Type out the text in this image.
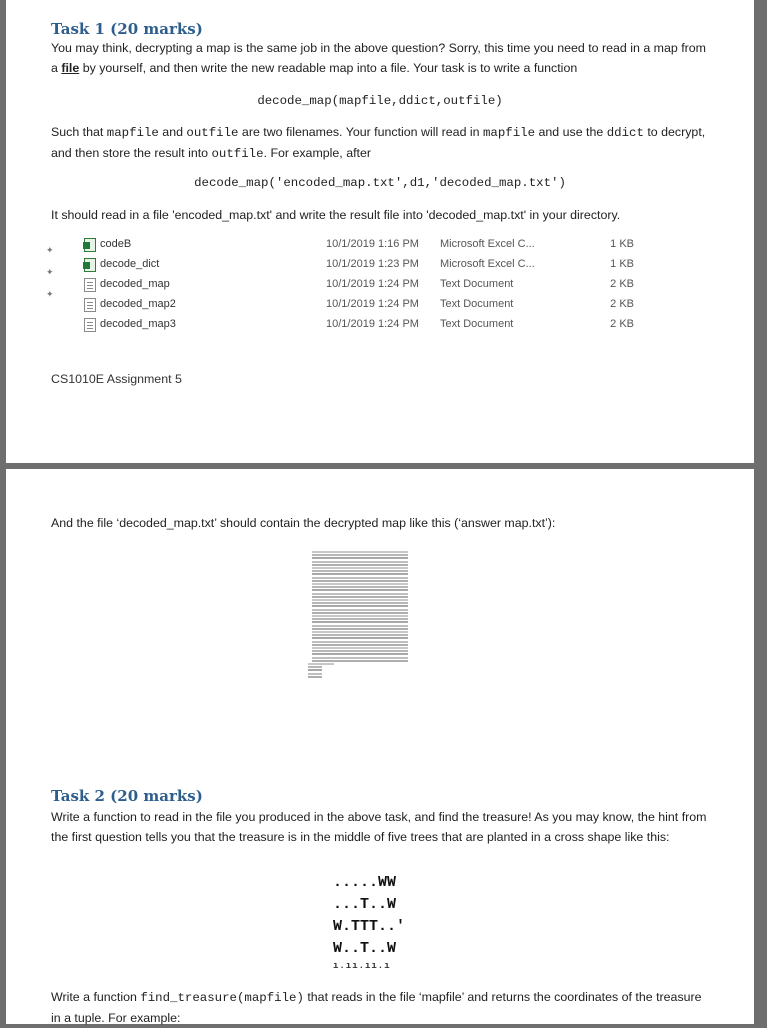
Task 1 (20 marks)
You may think, decrypting a map is the same job in the above question? Sorry, this time you need to read in a map from a file by yourself, and then write the new readable map into a file. Your task is to write a function
decode_map(mapfile,ddict,outfile)
Such that mapfile and outfile are two filenames. Your function will read in mapfile and use the ddict to decrypt, and then store the result into outfile. For example, after
decode_map('encoded_map.txt',d1,'decoded_map.txt')
It should read in a file 'encoded_map.txt' and write the result file into 'decoded_map.txt' in your directory.
✦
✦
✦
codeB	10/1/2019 1:16 PM Microsoft Excel C...	1 KB
decode_dict	10/1/2019 1:23 PM Microsoft Excel C...	1 KB
decoded_map	10/1/2019 1:24 PM Text Document	2 KB
decoded_map2	10/1/2019 1:24 PM Text Document	2 KB
decoded_map3	10/1/2019 1:24 PM Text Document	2 KB
CS1010E Assignment 5
And the file ‘decoded_map.txt’ should contain the decrypted map like this (‘answer map.txt’):
Task 2 (20 marks)
Write a function to read in the file you produced in the above task, and find the treasure! As you may know, the hint from the first question tells you that the treasure is in the middle of five trees that are planted in a cross shape like this:
.....WW
...T..W
W.TTT..'
W..T..W
ı.ıı.ıı.ı
Write a function find_treasure(mapfile) that reads in the file ‘mapfile’ and returns the coordinates of the treasure in a tuple. For example:
